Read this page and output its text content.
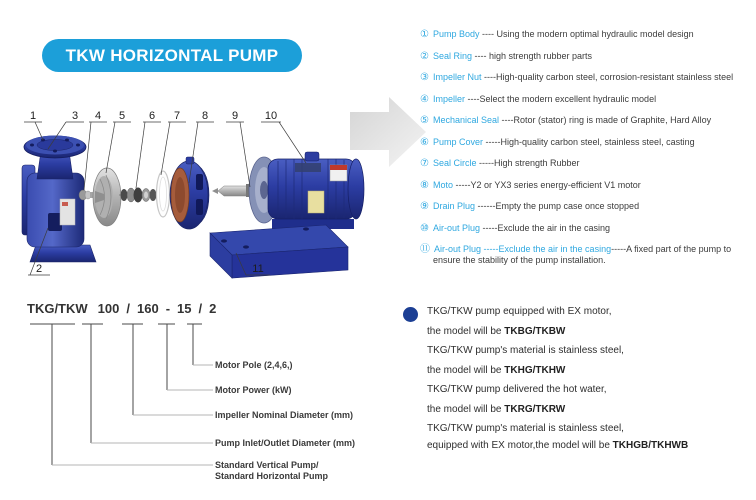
TKW HORIZONTAL PUMP
1	3 4 5 6 7 8 9 10
2	11
① Pump Body ---- Using the modern optimal hydraulic model design
② Seal Ring ---- high strength rubber parts
③ Impeller Nut ----High-quality carbon steel, corrosion-resistant stainless steel
④ Impeller ----Select the modern excellent hydraulic model
⑤ Mechanical Seal ----Rotor (stator) ring is made of Graphite, Hard Alloy
⑥ Pump Cover -----High-quality carbon steel, stainless steel, casting
⑦ Seal Circle -----High strength Rubber
⑧ Moto -----Y2 or YX3 series energy-efficient V1 motor
⑨ Drain Plug ------Empty the pump case once stopped
⑩ Air-out Plug -----Exclude the air in the casing
⑪ Air-out Plug -----Exclude the air in the casing-----A fixed part of the pump to ensure the stability of the pump installation.
TKG/TKW 100 / 160 - 15 / 2
Motor Pole (2,4,6,)
Motor Power (kW)
Impeller Nominal Diameter (mm)
Pump Inlet/Outlet Diameter (mm)
Standard Vertical Pump/
Standard Horizontal Pump
TKG/TKW pump equipped with EX motor,
the model will be TKBG/TKBW
TKG/TKW pump's material is stainless steel,
the model will be TKHG/TKHW
TKG/TKW pump delivered the hot water,
the model will be TKRG/TKRW
TKG/TKW pump's material is stainless steel,
equipped with EX motor,the model will be TKHGB/TKHWB
